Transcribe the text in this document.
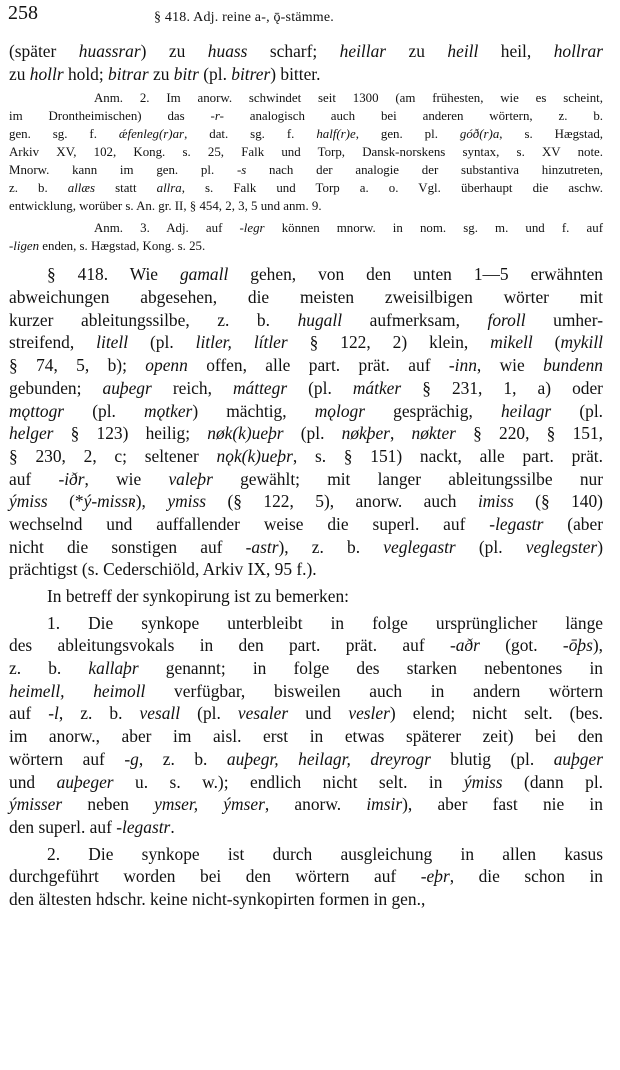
258	§ 418. Adj. reine a-, ǭ-stämme.
(später huassrar) zu huass scharf; heillar zu heill heil, hollrar
zu hollr hold; bitrar zu bitr (pl. bitrer) bitter.
Anm. 2. Im anorw. schwindet seit 1300 (am frühesten, wie es scheint,
im Drontheimischen) das -r- analogisch auch bei anderen wörtern, z. b.
gen. sg. f. ǽfenleg(r)ar, dat. sg. f. half(r)e, gen. pl. góð(r)a, s. Hægstad,
Arkiv XV, 102, Kong. s. 25, Falk und Torp, Dansk-norskens syntax, s. XV note.
Mnorw. kann im gen. pl. -s nach der analogie der substantiva hinzutreten,
z. b. allæs statt allra, s. Falk und Torp a. o. Vgl. überhaupt die aschw.
entwicklung, worüber s. An. gr. II, § 454, 2, 3, 5 und anm. 9.
Anm. 3. Adj. auf -legr können mnorw. in nom. sg. m. und f. auf
-ligen enden, s. Hægstad, Kong. s. 25.
§ 418. Wie gamall gehen, von den unten 1—5 erwähnten
abweichungen abgesehen, die meisten zweisilbigen wörter mit
kurzer ableitungssilbe, z. b. hugall aufmerksam, foroll umher-
streifend, litell (pl. litler, lítler § 122, 2) klein, mikell (mykill
§ 74, 5, b); openn offen, alle part. prät. auf -inn, wie bundenn
gebunden; auþegr reich, máttegr (pl. mátker § 231, 1, a) oder
mǫttogr (pl. mǫtker) mächtig, mǫlogr gesprächig, heilagr (pl.
helger § 123) heilig; nøk(k)ueþr (pl. nøkþer, nøkter § 220, § 151,
§ 230, 2, c; seltener nǫk(k)ueþr, s. § 151) nackt, alle part. prät.
auf -iðr, wie valeþr gewählt; mit langer ableitungssilbe nur
ýmiss (*ý-missʀ), ymiss (§ 122, 5), anorw. auch imiss (§ 140)
wechselnd und auffallender weise die superl. auf -legastr (aber
nicht die sonstigen auf -astr), z. b. veglegastr (pl. veglegster)
prächtigst (s. Cederschiöld, Arkiv IX, 95 f.).
In betreff der synkopirung ist zu bemerken:
1. Die synkope unterbleibt in folge ursprünglicher länge
des ableitungsvokals in den part. prät. auf -aðr (got. -ōþs),
z. b. kallaþr genannt; in folge des starken nebentones in
heimell, heimoll verfügbar, bisweilen auch in andern wörtern
auf -l, z. b. vesall (pl. vesaler und vesler) elend; nicht selt. (bes.
im anorw., aber im aisl. erst in etwas späterer zeit) bei den
wörtern auf -g, z. b. auþegr, heilagr, dreyrogr blutig (pl. auþger
und auþeger u. s. w.); endlich nicht selt. in ýmiss (dann pl.
ýmisser neben ymser, ýmser, anorw. imsir), aber fast nie in
den superl. auf -legastr.
2. Die synkope ist durch ausgleichung in allen kasus
durchgeführt worden bei den wörtern auf -eþr, die schon in
den ältesten hdschr. keine nicht-synkopirten formen in gen.,
